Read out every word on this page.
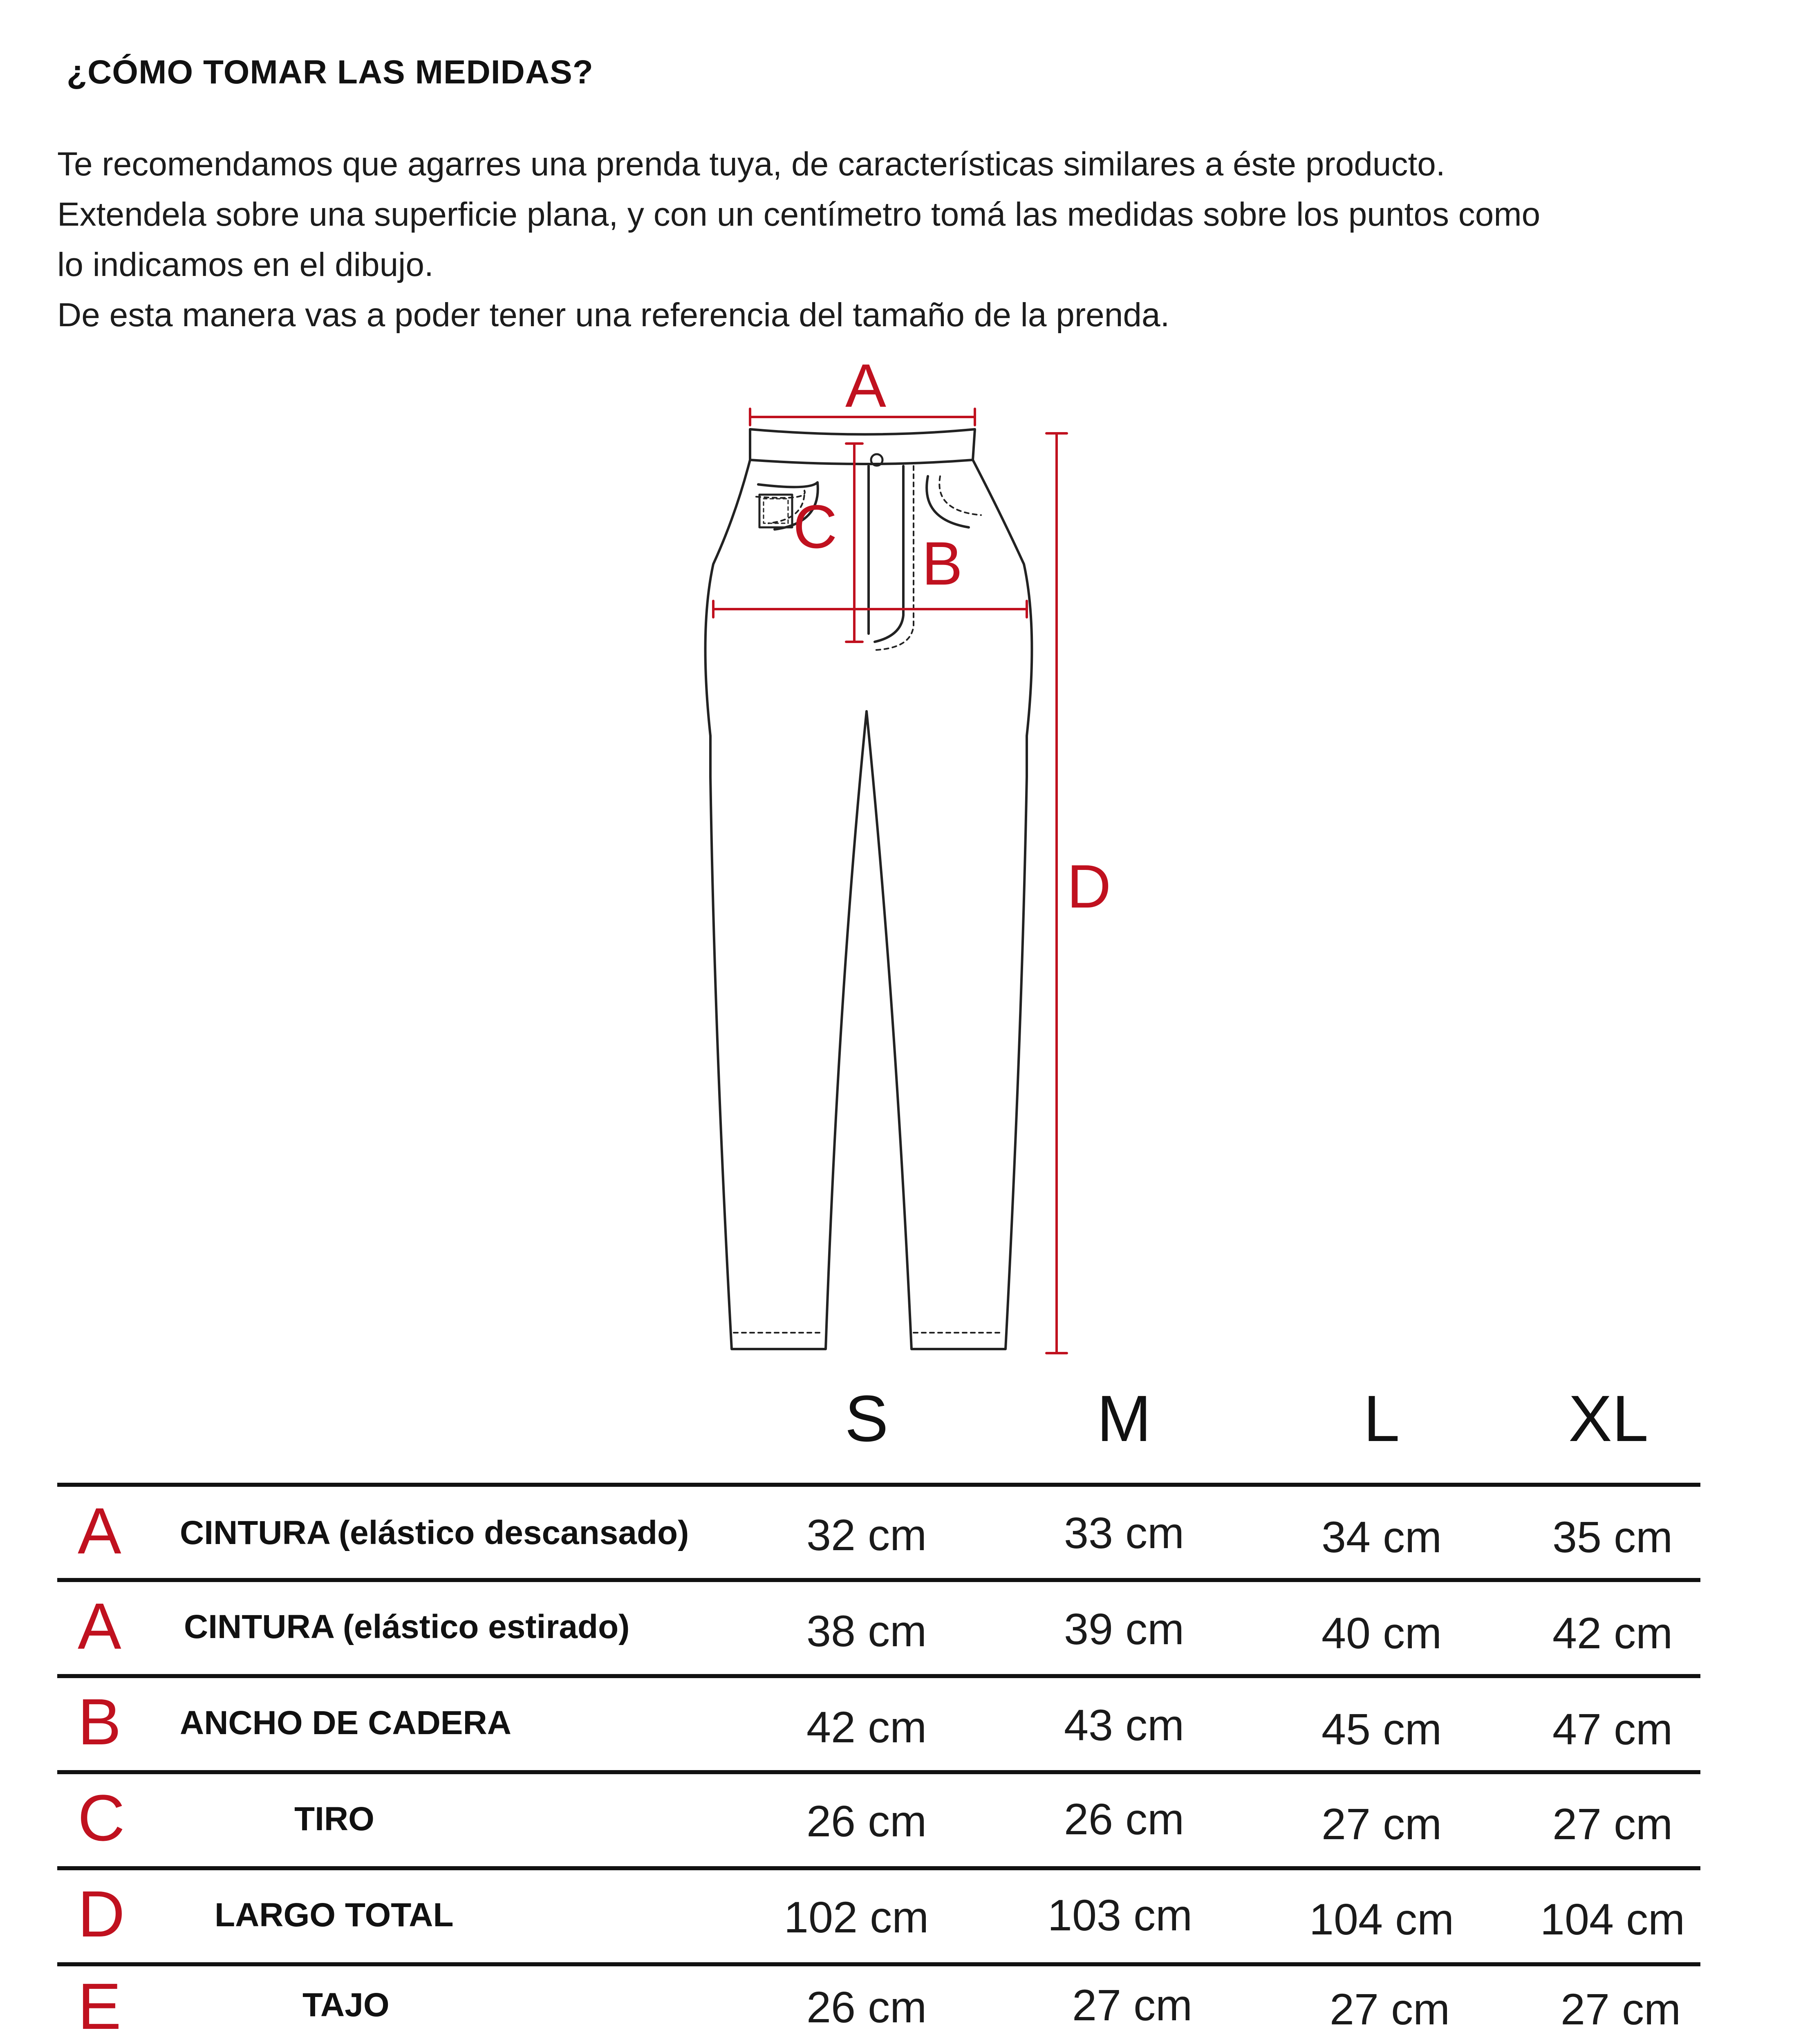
¿CÓMO TOMAR LAS MEDIDAS?

Te recomendamos que agarres una prenda tuya, de características similares a éste producto.

Extendela sobre una superficie plana, y con un centímetro tomá las medidas sobre los puntos como

lo indicamos en el dibujo.

De esta manera vas a poder tener una referencia del tamaño de la prenda.

A
B
C
D
S	M	L	XL
A CINTURA (elástico descansado)	32 cm	33 cm	34 cm	35 cm
A CINTURA (elástico estirado)	38 cm	39 cm	40 cm	42 cm
B ANCHO DE CADERA	42 cm	43 cm	45 cm	47 cm
C	TIRO	26 cm	26 cm	27 cm	27 cm
D	LARGO TOTAL	102 cm	103 cm	104 cm	104 cm
E	TAJO	26 cm	27 cm	27 cm	27 cm
